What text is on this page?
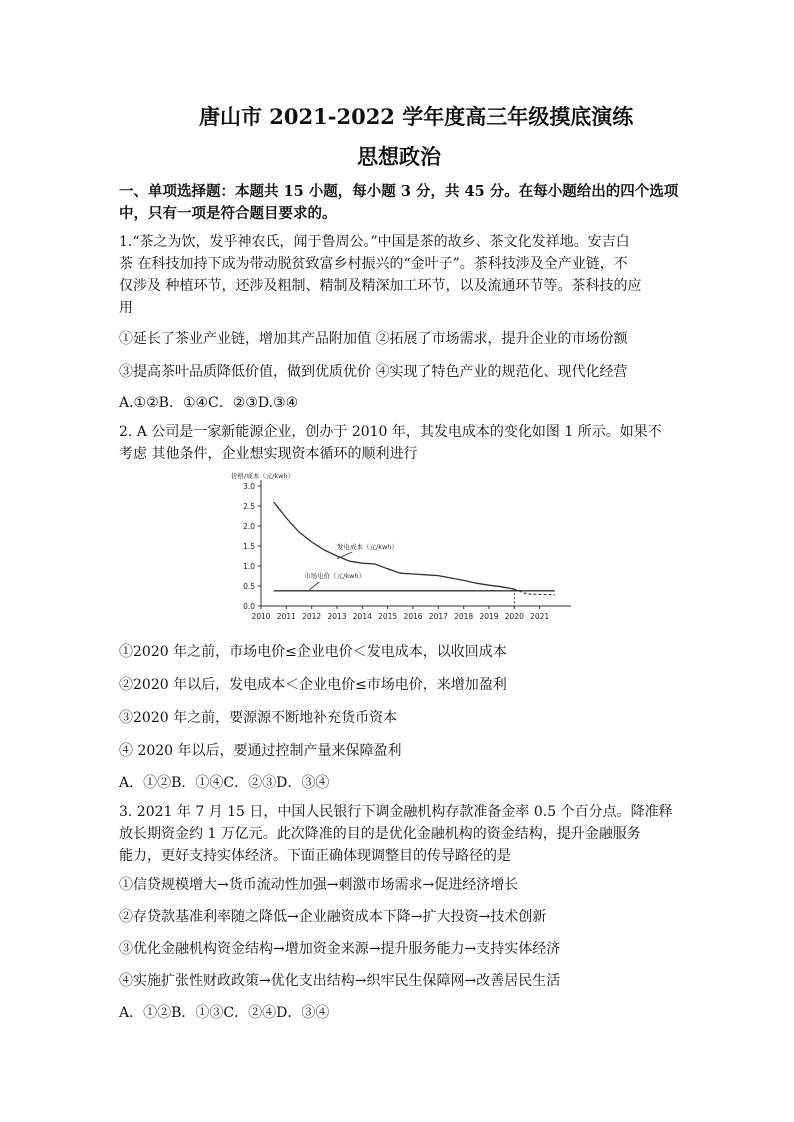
唐山市 2021-2022 学年度高三年级摸底演练
思想政治
一、单项选择题：本题共 15 小题，每小题 3 分，共 45 分。在每小题给出的四个选项
中，只有一项是符合题目要求的。
1.“茶之为饮，发乎神农氏，闻于鲁周公。”中国是茶的故乡、茶文化发祥地。安吉白
茶 在科技加持下成为带动脱贫致富乡村振兴的“金叶子”。茶科技涉及全产业链，不
仅涉及 种植环节，还涉及粗制、精制及精深加工环节，以及流通环节等。茶科技的应
用
①延长了茶业产业链，增加其产品附加值 ②拓展了市场需求，提升企业的市场份额
③提高茶叶品质降低价值，做到优质优价 ④实现了特色产业的规范化、现代化经营
A.①②B．①④C．②③D.③④
2. A 公司是一家新能源企业，创办于 2010 年，其发电成本的变化如图 1 所示。如果不
考虑 其他条件，企业想实现资本循环的顺利进行
价格/成本（元/kwh）
0.0
0.5
1.0
1.5
2.0
2.5
3.0
2010 2011 2012 2013 2014 2015 2016 2017 2018 2019 2020 2021
发电成本（元/kwh）
市场电价（元/kwh）
①2020 年之前，市场电价≤企业电价＜发电成本，以收回成本
②2020 年以后，发电成本＜企业电价≤市场电价，来增加盈利
③2020 年之前，要源源不断地补充货币资本
④ 2020 年以后，要通过控制产量来保障盈利
A．①②B．①④C．②③D．③④
3. 2021 年 7 月 15 日，中国人民银行下调金融机构存款准备金率 0.5 个百分点。降准释
放长期资金约 1 万亿元。此次降准的目的是优化金融机构的资金结构，提升金融服务
能力，更好支持实体经济。下面正确体现调整目的传导路径的是
①信贷规模增大→货币流动性加强→刺激市场需求→促进经济增长
②存贷款基准利率随之降低→企业融资成本下降→扩大投资→技术创新
③优化金融机构资金结构→增加资金来源→提升服务能力→支持实体经济
④实施扩张性财政政策→优化支出结构→织牢民生保障网→改善居民生活
A．①②B．①③C．②④D．③④
